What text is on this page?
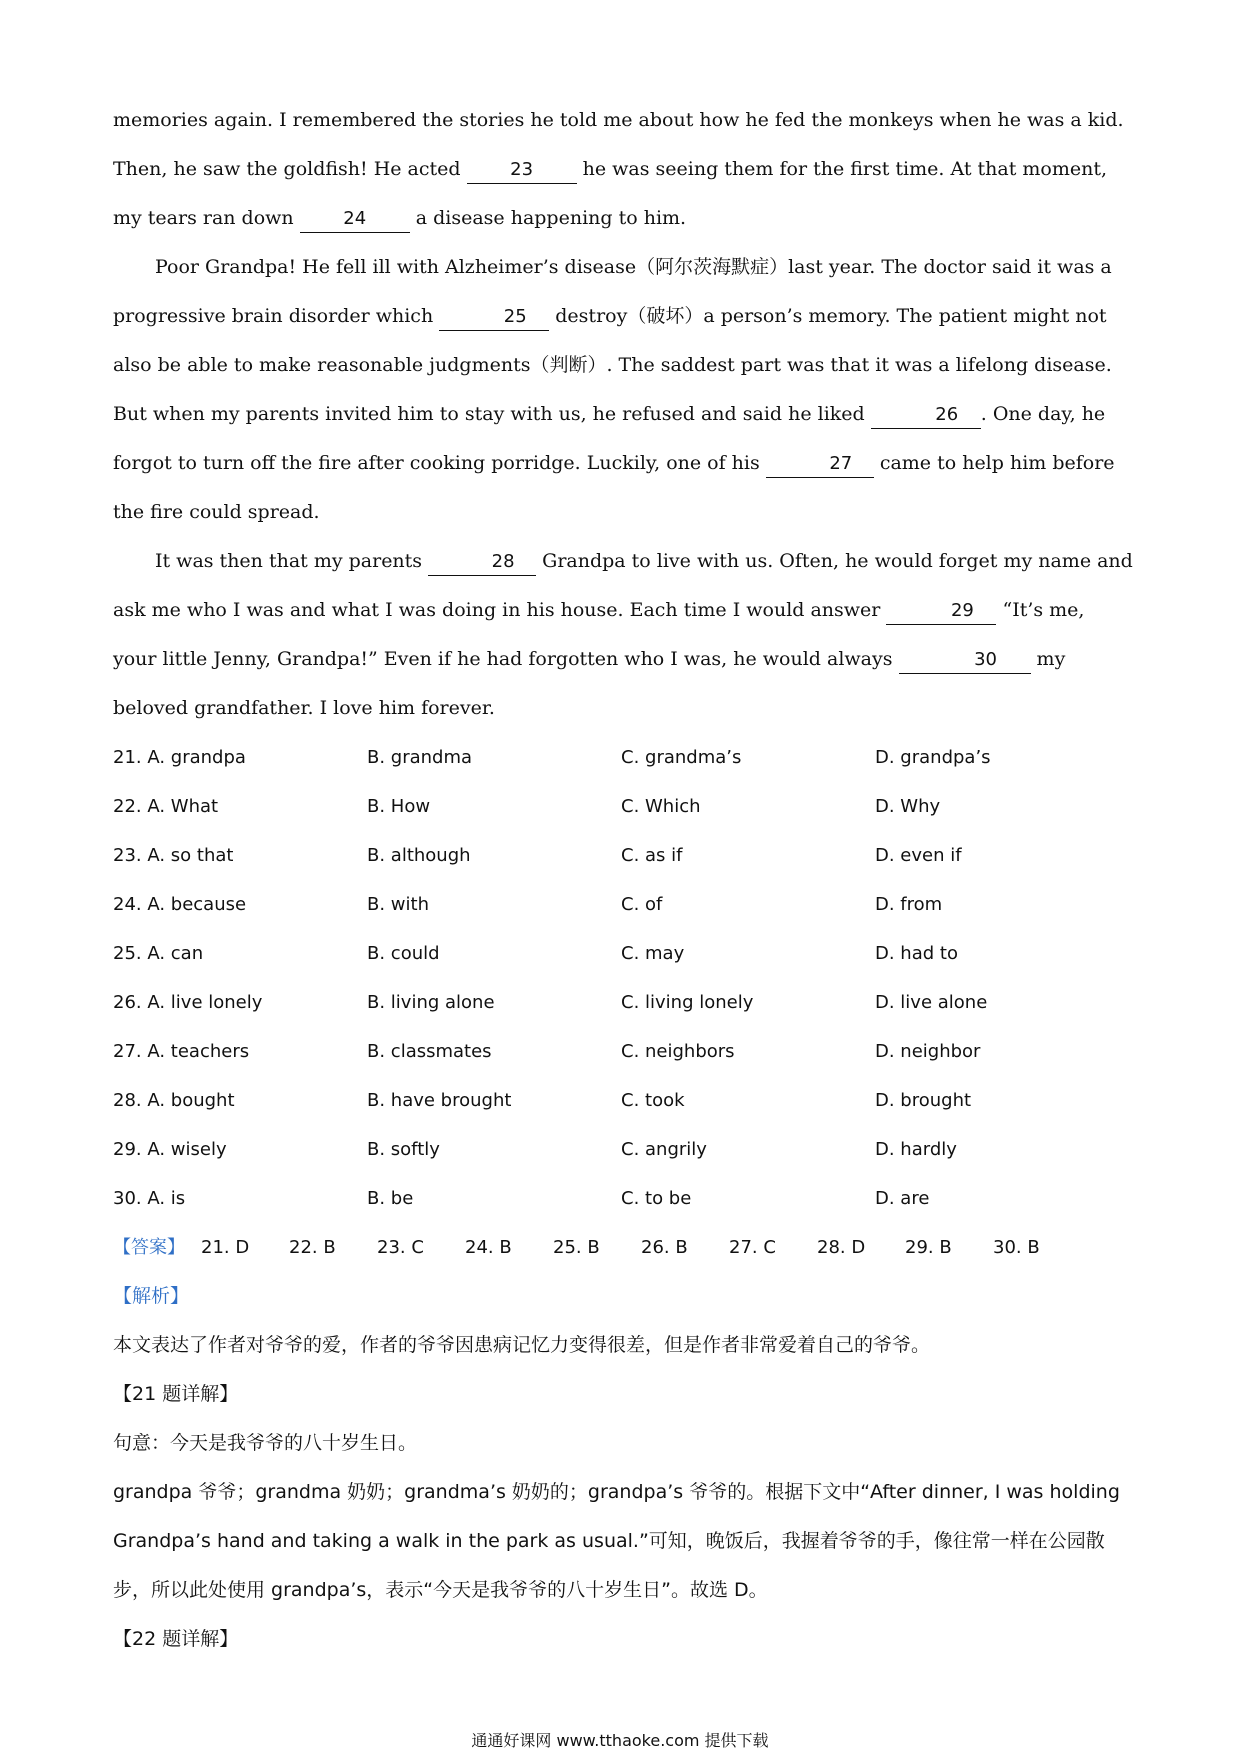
memories again. I remembered the stories he told me about how he fed the monkeys when he was a kid. Then, he saw the goldfish! He acted 23 he was seeing them for the first time. At that moment, my tears ran down 24 a disease happening to him.

Poor Grandpa! He fell ill with Alzheimer’s disease（阿尔茨海默症）last year. The doctor said it was a progressive brain disorder which	25 destroy（破坏）a person’s memory. The patient might not also be able to make reasonable judgments（判断）. The saddest part was that it was a lifelong disease. But when my parents invited him to stay with us, he refused and said he liked	26 . One day, he forgot to turn off the fire after cooking porridge. Luckily, one of his	27 came to help him before the fire could spread.

It was then that my parents	28 Grandpa to live with us. Often, he would forget my name and ask me who I was and what I was doing in his house. Each time I would answer	29 “It’s me, your little Jenny, Grandpa!” Even if he had forgotten who I was, he would always	30 my beloved grandfather. I love him forever.

21. A. grandpa	B. grandma	C. grandma’s	D. grandpa’s
22. A. What	B. How	C. Which	D. Why
23. A. so that	B. although	C. as if	D. even if
24. A. because	B. with	C. of	D. from
25. A. can	B. could	C. may	D. had to
26. A. live lonely	B. living alone	C. living lonely	D. live alone
27. A. teachers	B. classmates	C. neighbors	D. neighbor
28. A. bought	B. have brought	C. took	D. brought
29. A. wisely	B. softly	C. angrily	D. hardly
30. A. is	B. be	C. to be	D. are
【答案】 21. D	22. B	23. C	24. B	25. B	26. B	27. C	28. D	29. B	30. B
【解析】

本文表达了作者对爷爷的爱，作者的爷爷因患病记忆力变得很差，但是作者非常爱着自己的爷爷。

【21 题详解】

句意：今天是我爷爷的八十岁生日。

grandpa 爷爷；grandma 奶奶；grandma’s 奶奶的；grandpa’s 爷爷的。根据下文中“After dinner, I was holding Grandpa’s hand and taking a walk in the park as usual.”可知，晚饭后，我握着爷爷的手，像往常一样在公园散步，所以此处使用 grandpa’s，表示“今天是我爷爷的八十岁生日”。故选 D。

【22 题详解】
通通好课网 www.tthaoke.com 提供下载
